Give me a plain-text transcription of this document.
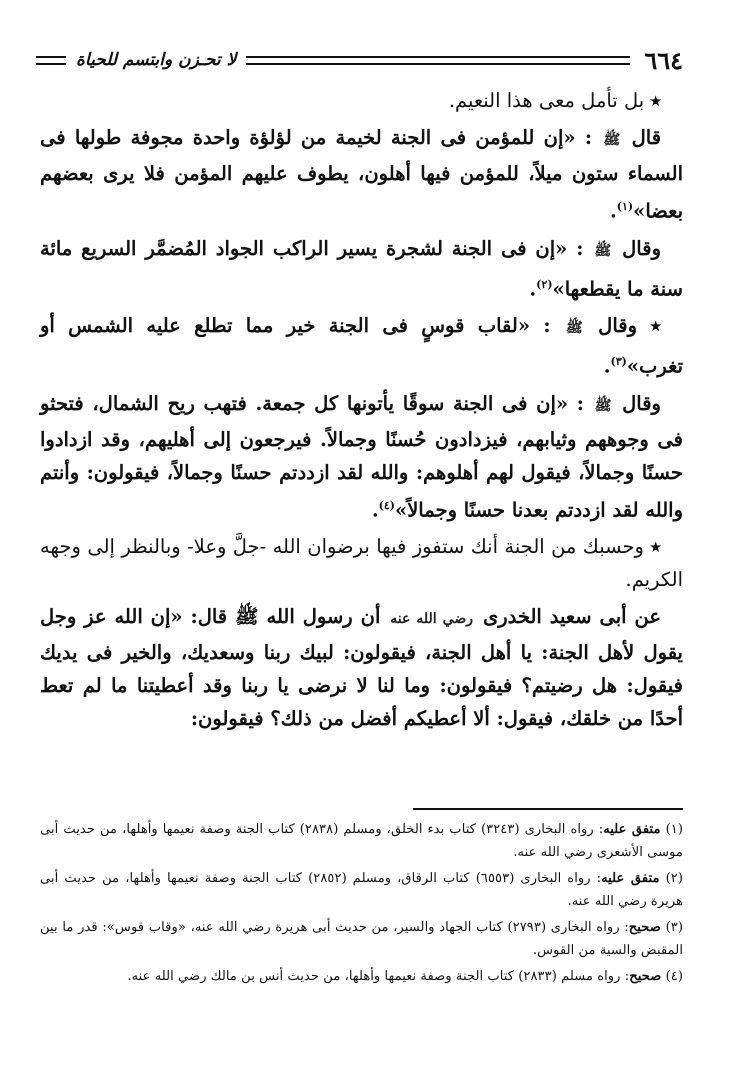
٦٦٤
لا تحـزن وابتسم للحياة

٭ بل تأمل معى هذا النعيم.

قال ﷺ : «إن للمؤمن فى الجنة لخيمة من لؤلؤة واحدة مجوفة طولها فى السماء ستون ميلاً، للمؤمن فيها أهلون، يطوف عليهم المؤمن فلا يرى بعضهم بعضا»$^{(١)}$.

وقال ﷺ : «إن فى الجنة لشجرة يسير الراكب الجواد المُضمَّر السريع مائة سنة ما يقطعها»$^{(٢)}$.

٭ وقال ﷺ : «لقاب قوسٍ فى الجنة خير مما تطلع عليه الشمس أو تغرب»$^{(٣)}$.

وقال ﷺ : «إن فى الجنة سوقًا يأتونها كل جمعة. فتهب ريح الشمال، فتحثو فى وجوههم وثيابهم، فيزدادون حُسنًا وجمالاً. فيرجعون إلى أهليهم، وقد ازدادوا حسنًا وجمالاً، فيقول لهم أهلوهم: والله لقد ازددتم حسنًا وجمالاً، فيقولون: وأنتم والله لقد ازددتم بعدنا حسنًا وجمالاً»$^{(٤)}$.

٭ وحسبك من الجنة أنك ستفوز فيها برضوان الله -جلَّ وعلا- وبالنظر إلى وجهه الكريم.

عن أبى سعيد الخدرى رضي الله عنه أن رسول الله ﷺ قال: «إن الله عز وجل يقول لأهل الجنة: يا أهل الجنة، فيقولون: لبيك ربنا وسعديك، والخير فى يديك فيقول: هل رضيتم؟ فيقولون: وما لنا لا نرضى يا ربنا وقد أعطيتنا ما لم تعط أحدًا من خلقك، فيقول: ألا أعطيكم أفضل من ذلك؟ فيقولون:

(١) متفق عليه: رواه البخارى (٣٢٤٣) كتاب بدء الخلق، ومسلم (٢٨٣٨) كتاب الجنة وصفة نعيمها وأهلها، من حديث أبى موسى الأشعرى رضي الله عنه.
(٢) متفق عليه: رواه البخارى (٦٥٥٣) كتاب الرقاق، ومسلم (٢٨٥٢) كتاب الجنة وصفة نعيمها وأهلها، من حديث أبى هريرة رضي الله عنه.
(٣) صحيح: رواه البخارى (٢٧٩٣) كتاب الجهاد والسير، من حديث أبى هريرة رضي الله عنه، «وقاب قوس»: قدر ما بين المقبض والسية من القوس.
(٤) صحيح: رواه مسلم (٢٨٣٣) كتاب الجنة وصفة نعيمها وأهلها، من حديث أنس بن مالك رضي الله عنه.
